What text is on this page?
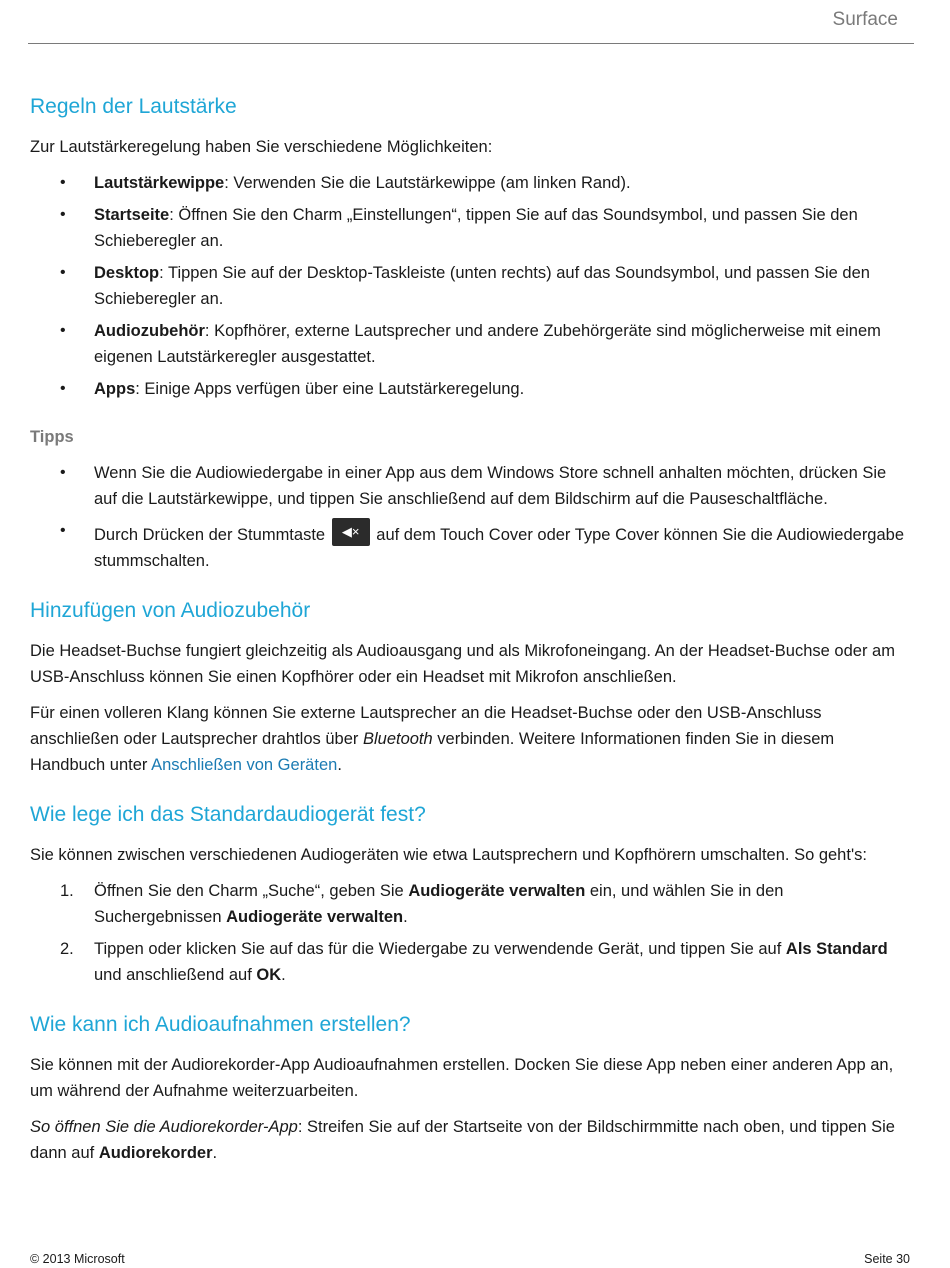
Surface
Regeln der Lautstärke

Zur Lautstärkeregelung haben Sie verschiedene Möglichkeiten:

• Lautstärkewippe: Verwenden Sie die Lautstärkewippe (am linken Rand).
• Startseite: Öffnen Sie den Charm „Einstellungen“, tippen Sie auf das Soundsymbol, und passen Sie den Schieberegler an.
• Desktop: Tippen Sie auf der Desktop-Taskleiste (unten rechts) auf das Soundsymbol, und passen Sie den Schieberegler an.
• Audiozubehör: Kopfhörer, externe Lautsprecher und andere Zubehörgeräte sind möglicherweise mit einem eigenen Lautstärkeregler ausgestattet.
• Apps: Einige Apps verfügen über eine Lautstärkeregelung.

Tipps

• Wenn Sie die Audiowiedergabe in einer App aus dem Windows Store schnell anhalten möchten, drücken Sie auf die Lautstärkewippe, und tippen Sie anschließend auf dem Bildschirm auf die Pauseschaltfläche.
• Durch Drücken der Stummtaste ◀× auf dem Touch Cover oder Type Cover können Sie die Audiowiedergabe stummschalten.
Hinzufügen von Audiozubehör

Die Headset-Buchse fungiert gleichzeitig als Audioausgang und als Mikrofoneingang. An der Headset-Buchse oder am USB-Anschluss können Sie einen Kopfhörer oder ein Headset mit Mikrofon anschließen.

Für einen volleren Klang können Sie externe Lautsprecher an die Headset-Buchse oder den USB-Anschluss anschließen oder Lautsprecher drahtlos über Bluetooth verbinden. Weitere Informationen finden Sie in diesem Handbuch unter Anschließen von Geräten.

Wie lege ich das Standardaudiogerät fest?

Sie können zwischen verschiedenen Audiogeräten wie etwa Lautsprechern und Kopfhörern umschalten. So geht's:

1. Öffnen Sie den Charm „Suche“, geben Sie Audiogeräte verwalten ein, und wählen Sie in den Suchergebnissen Audiogeräte verwalten.
2. Tippen oder klicken Sie auf das für die Wiedergabe zu verwendende Gerät, und tippen Sie auf Als Standard und anschließend auf OK.
Wie kann ich Audioaufnahmen erstellen?

Sie können mit der Audiorekorder-App Audioaufnahmen erstellen. Docken Sie diese App neben einer anderen App an, um während der Aufnahme weiterzuarbeiten.

So öffnen Sie die Audiorekorder-App: Streifen Sie auf der Startseite von der Bildschirmmitte nach oben, und tippen Sie dann auf Audiorekorder.

© 2013 Microsoft	Seite 30
